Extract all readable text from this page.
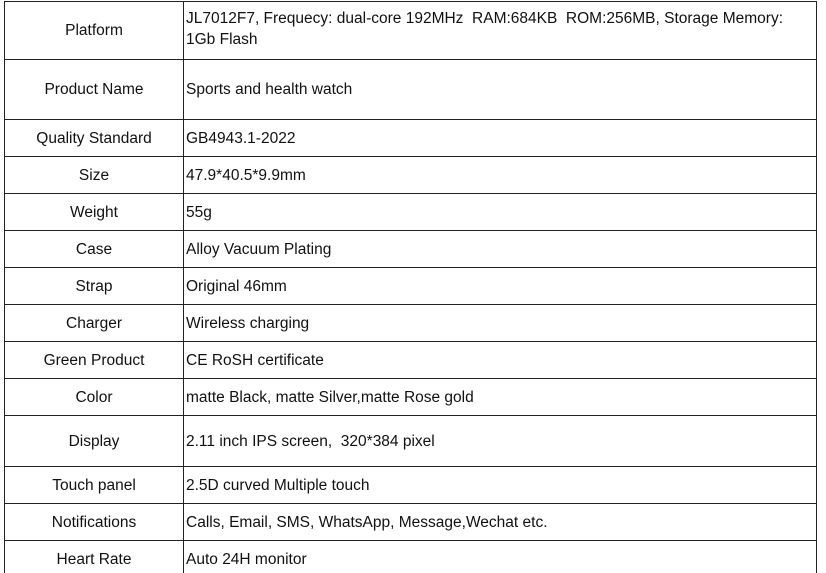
Platform	JL7012F7, Frequecy: dual-core 192MHz  RAM:684KB  ROM:256MB, Storage Memory:
1Gb Flash
Product Name	Sports and health watch
Quality Standard	GB4943.1-2022
Size	47.9*40.5*9.9mm
Weight	55g
Case	Alloy Vacuum Plating
Strap	Original 46mm
Charger	Wireless charging
Green Product	CE RoSH certificate
Color	matte Black, matte Silver,matte Rose gold
Display	2.11 inch IPS screen,  320*384 pixel
Touch panel	2.5D curved Multiple touch
Notifications	Calls, Email, SMS, WhatsApp, Message,Wechat etc.
Heart Rate	Auto 24H monitor
